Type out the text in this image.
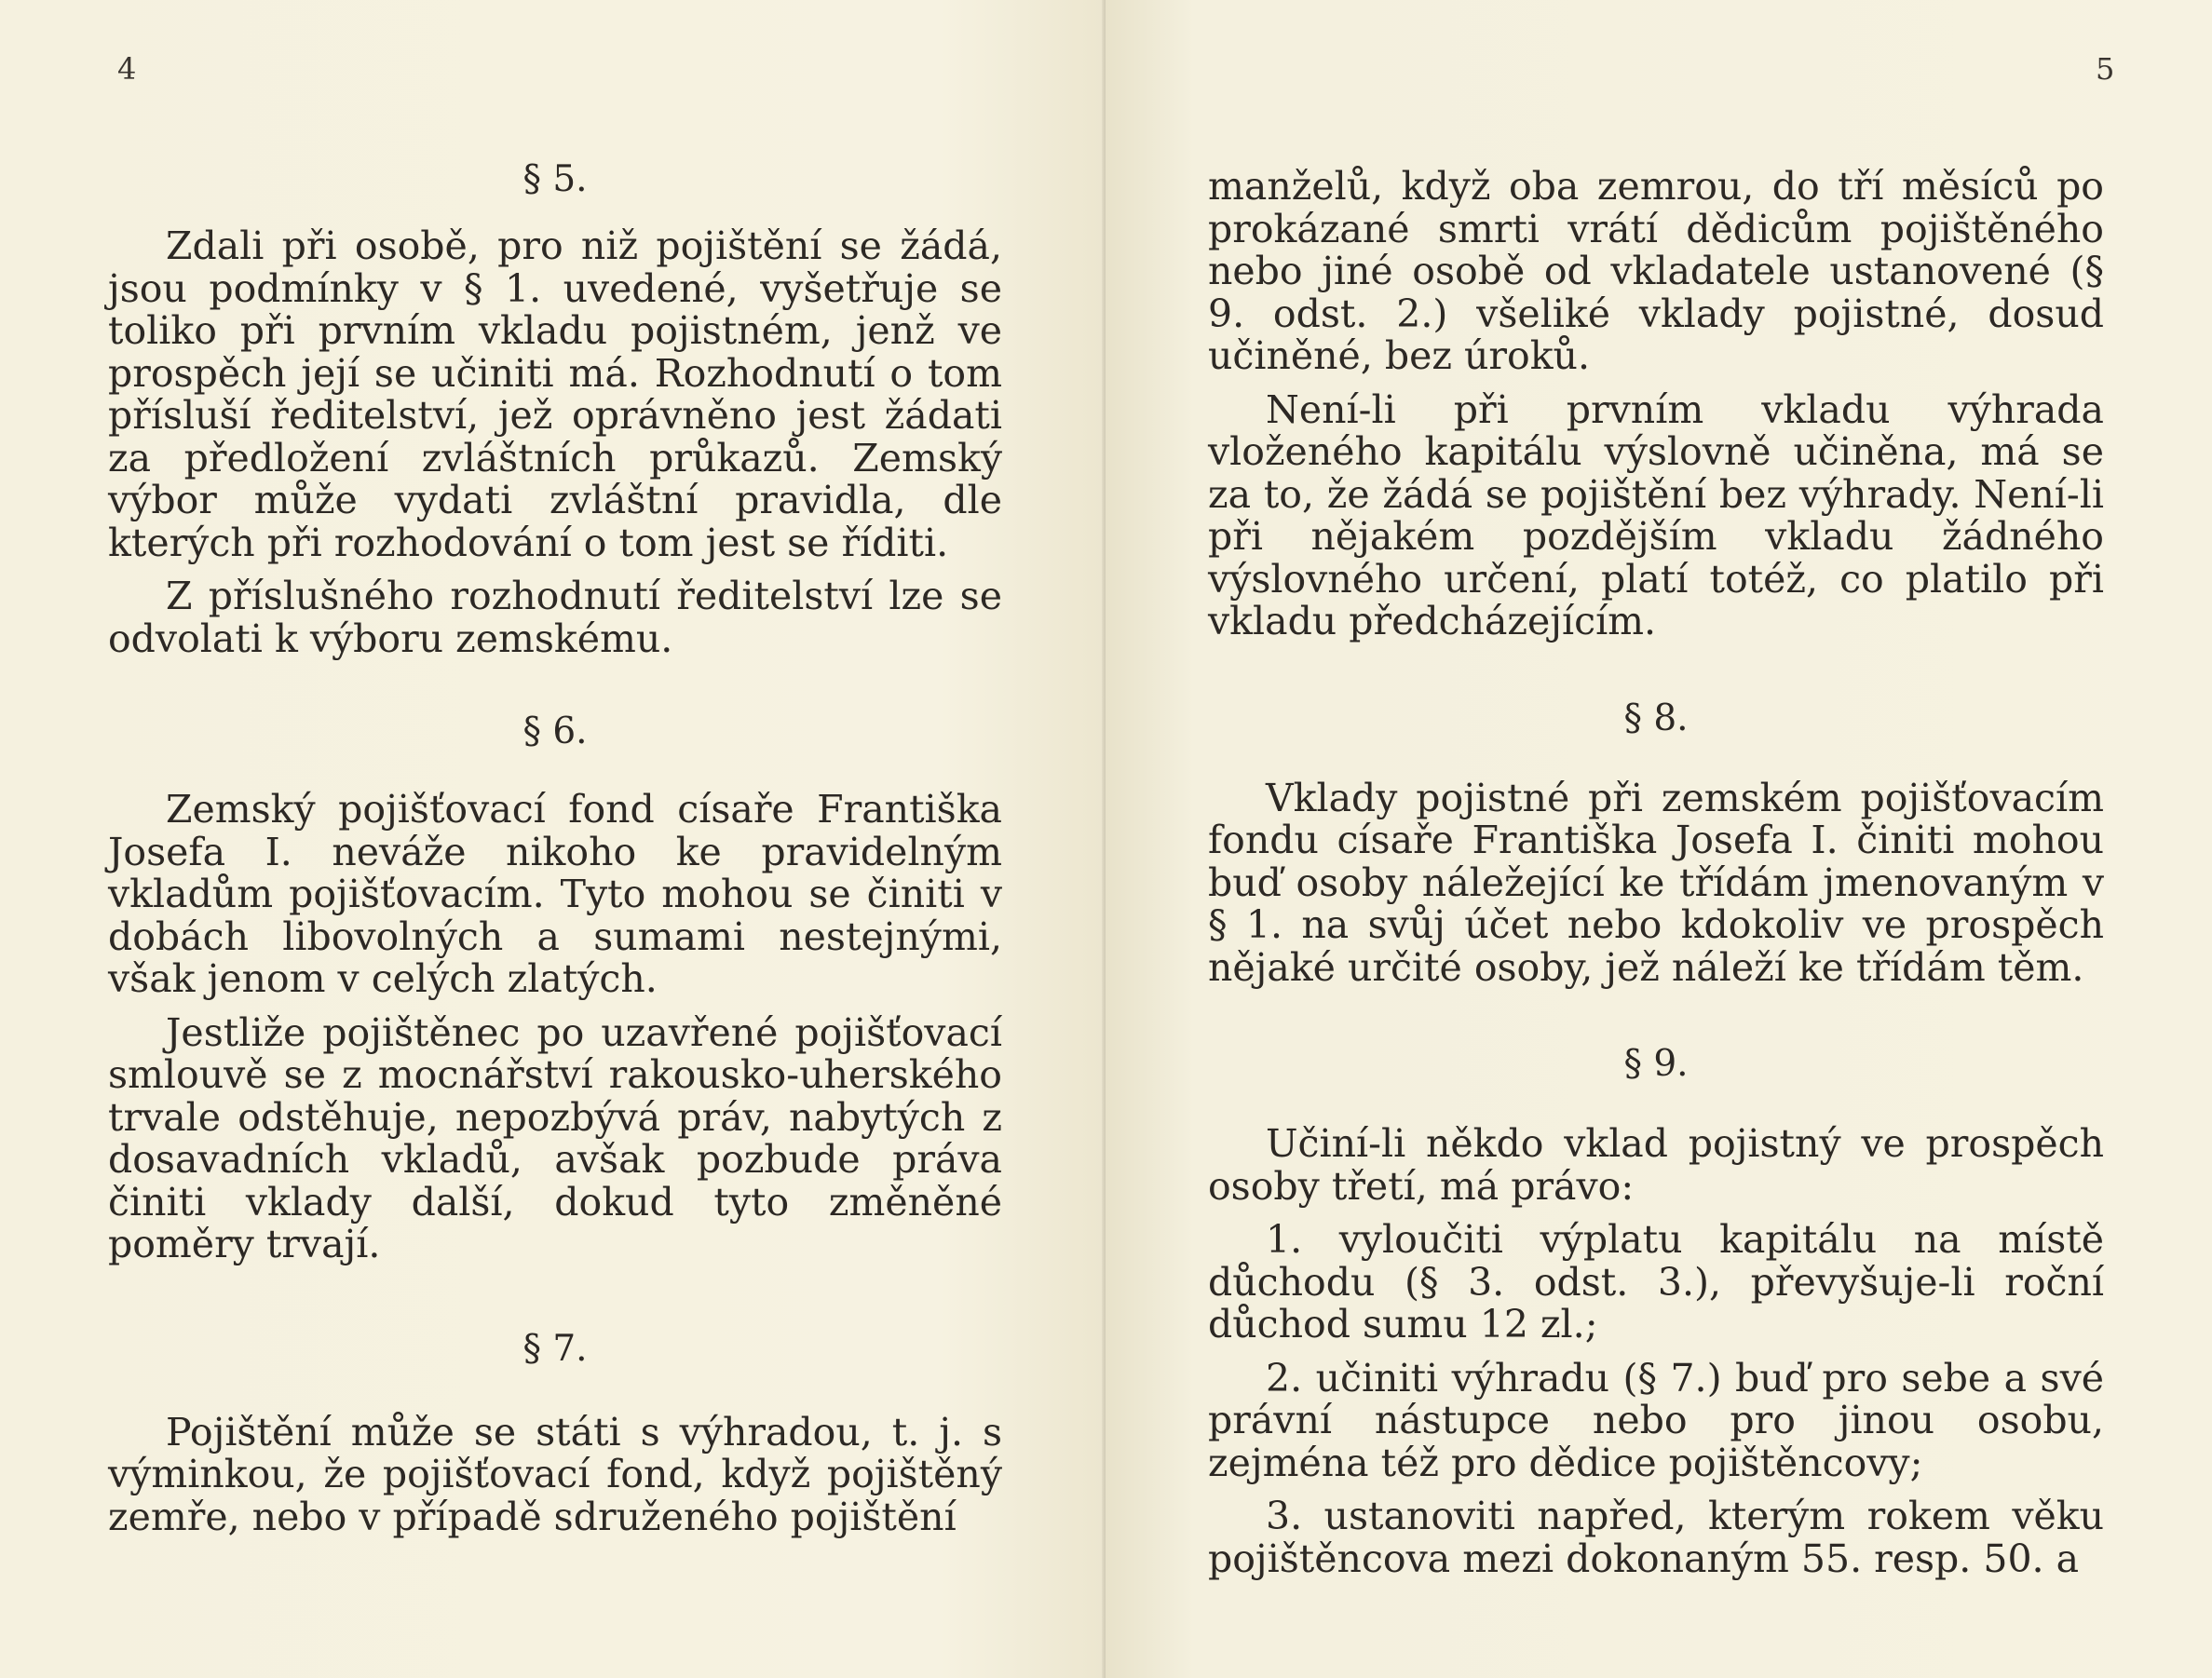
4
§ 5.

Zdali při osobě, pro niž pojištění se žádá, jsou podmínky v § 1. uvedené, vyšetřuje se toliko při prvním vkladu pojistném, jenž ve prospěch její se učiniti má. Rozhodnutí o tom přísluší ředitelství, jež oprávněno jest žádati za předložení zvláštních průkazů. Zemský výbor může vydati zvláštní pravidla, dle kterých při rozhodování o tom jest se říditi.

Z příslušného rozhodnutí ředitelství lze se odvolati k výboru zemskému.

§ 6.

Zemský pojišťovací fond císaře Františka Josefa I. neváže nikoho ke pravidelným vkladům pojišťovacím. Tyto mohou se činiti v dobách libovolných a sumami nestejnými, však jenom v celých zlatých.

Jestliže pojištěnec po uzavřené pojišťovací smlouvě se z mocnářství rakousko-uherského trvale odstěhuje, nepozbývá práv, nabytých z dosavadních vkladů, avšak pozbude práva činiti vklady další, dokud tyto změněné poměry trvají.

§ 7.

Pojištění může se státi s výhradou, t. j. s výminkou, že pojišťovací fond, když pojištěný zemře, nebo v případě sdruženého pojištění

5

manželů, když oba zemrou, do tří měsíců po prokázané smrti vrátí dědicům pojištěného nebo jiné osobě od vkladatele ustanovené (§ 9. odst. 2.) všeliké vklady pojistné, dosud učiněné, bez úroků.

Není-li při prvním vkladu výhrada vloženého kapitálu výslovně učiněna, má se za to, že žádá se pojištění bez výhrady. Není-li při nějakém pozdějším vkladu žádného výslovného určení, platí totéž, co platilo při vkladu předcházejícím.

§ 8.

Vklady pojistné při zemském pojišťovacím fondu císaře Františka Josefa I. činiti mohou buď osoby náležející ke třídám jmenovaným v § 1. na svůj účet nebo kdokoliv ve prospěch nějaké určité osoby, jež náleží ke třídám těm.

§ 9.

Učiní-li někdo vklad pojistný ve prospěch osoby třetí, má právo:

1. vyloučiti výplatu kapitálu na místě důchodu (§ 3. odst. 3.), převyšuje-li roční důchod sumu 12 zl.;

2. učiniti výhradu (§ 7.) buď pro sebe a své právní nástupce nebo pro jinou osobu, zejména též pro dědice pojištěncovy;

3. ustanoviti napřed, kterým rokem věku pojištěncova mezi dokonaným 55. resp. 50. a
